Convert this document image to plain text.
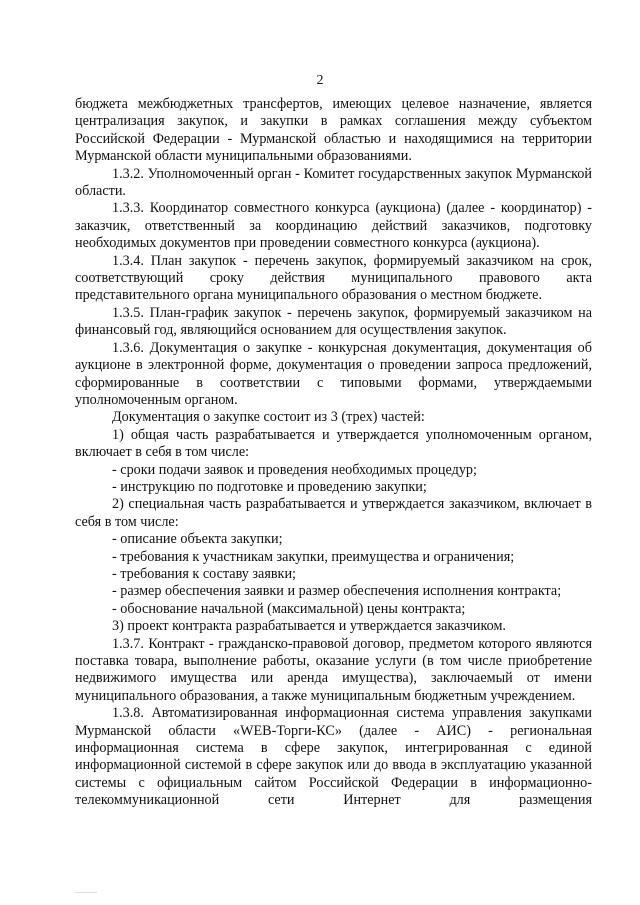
2

бюджета межбюджетных трансфертов, имеющих целевое назначение, является централизация закупок, и закупки в рамках соглашения между субъектом Российской Федерации - Мурманской областью и находящимися на территории Мурманской области муниципальными образованиями.

1.3.2. Уполномоченный орган - Комитет государственных закупок Мурманской области.

1.3.3. Координатор совместного конкурса (аукциона) (далее - координатор) - заказчик, ответственный за координацию действий заказчиков, подготовку необходимых документов при проведении совместного конкурса (аукциона).

1.3.4. План закупок - перечень закупок, формируемый заказчиком на срок, соответствующий сроку действия муниципального правового акта представительного органа муниципального образования о местном бюджете.

1.3.5. План-график закупок - перечень закупок, формируемый заказчиком на финансовый год, являющийся основанием для осуществления закупок.

1.3.6. Документация о закупке - конкурсная документация, документация об аукционе в электронной форме, документация о проведении запроса предложений, сформированные в соответствии с типовыми формами, утверждаемыми уполномоченным органом.

Документация о закупке состоит из 3 (трех) частей:

1) общая часть разрабатывается и утверждается уполномоченным органом, включает в себя в том числе:

- сроки подачи заявок и проведения необходимых процедур;

- инструкцию по подготовке и проведению закупки;

2) специальная часть разрабатывается и утверждается заказчиком, включает в себя в том числе:

- описание объекта закупки;

- требования к участникам закупки, преимущества и ограничения;

- требования к составу заявки;

- размер обеспечения заявки и размер обеспечения исполнения контракта;

- обоснование начальной (максимальной) цены контракта;

3) проект контракта разрабатывается и утверждается заказчиком.

1.3.7. Контракт - гражданско-правовой договор, предметом которого являются поставка товара, выполнение работы, оказание услуги (в том числе приобретение недвижимого имущества или аренда имущества), заключаемый от имени муниципального образования, а также муниципальным бюджетным учреждением.

1.3.8. Автоматизированная информационная система управления закупками Мурманской области «WEB-Торги-КС» (далее - АИС) - региональная информационная система в сфере закупок, интегрированная с единой информационной системой в сфере закупок или до ввода в эксплуатацию указанной системы с официальным сайтом Российской Федерации в информационно-телекоммуникационной сети Интернет для размещения
